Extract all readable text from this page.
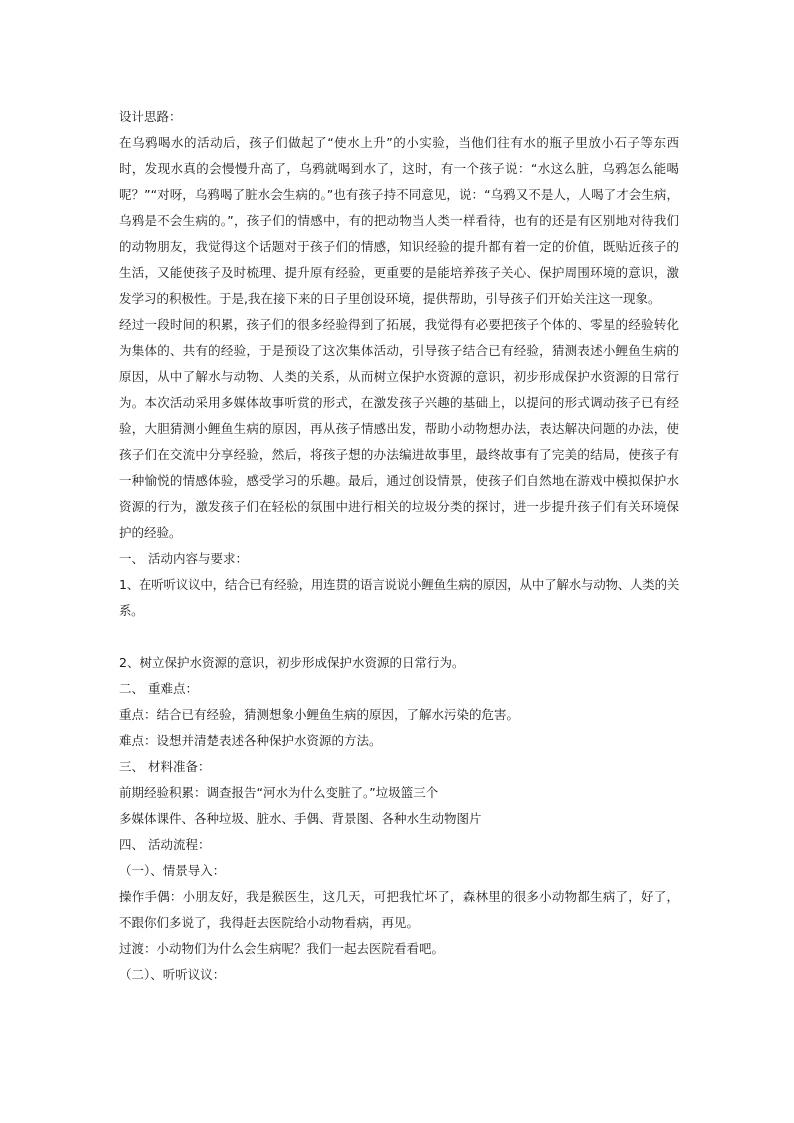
设计思路：

在乌鸦喝水的活动后，孩子们做起了“使水上升”的小实验，当他们往有水的瓶子里放小石子等东西时，发现水真的会慢慢升高了，乌鸦就喝到水了，这时，有一个孩子说：“水这么脏，乌鸦怎么能喝呢？”“对呀，乌鸦喝了脏水会生病的。”也有孩子持不同意见，说：“乌鸦又不是人，人喝了才会生病，乌鸦是不会生病的。”，孩子们的情感中，有的把动物当人类一样看待，也有的还是有区别地对待我们的动物朋友，我觉得这个话题对于孩子们的情感，知识经验的提升都有着一定的价值，既贴近孩子的生活，又能使孩子及时梳理、提升原有经验，更重要的是能培养孩子关心、保护周围环境的意识，激发学习的积极性。于是,我在接下来的日子里创设环境，提供帮助，引导孩子们开始关注这一现象。

经过一段时间的积累，孩子们的很多经验得到了拓展，我觉得有必要把孩子个体的、零星的经验转化为集体的、共有的经验，于是预设了这次集体活动，引导孩子结合已有经验，猜测表述小鲤鱼生病的原因，从中了解水与动物、人类的关系，从而树立保护水资源的意识，初步形成保护水资源的日常行为。本次活动采用多媒体故事听赏的形式，在激发孩子兴趣的基础上，以提问的形式调动孩子已有经验，大胆猜测小鲤鱼生病的原因，再从孩子情感出发，帮助小动物想办法，表达解决问题的办法，使孩子们在交流中分享经验，然后，将孩子想的办法编进故事里，最终故事有了完美的结局，使孩子有一种愉悦的情感体验，感受学习的乐趣。最后，通过创设情景，使孩子们自然地在游戏中模拟保护水资源的行为，激发孩子们在轻松的氛围中进行相关的垃圾分类的探讨，进一步提升孩子们有关环境保护的经验。

一、 活动内容与要求：

1、在听听议议中，结合已有经验，用连贯的语言说说小鲤鱼生病的原因，从中了解水与动物、人类的关系。

2、树立保护水资源的意识，初步形成保护水资源的日常行为。

二、 重难点：

重点：结合已有经验，猜测想象小鲤鱼生病的原因，了解水污染的危害。

难点：设想并清楚表述各种保护水资源的方法。

三、 材料准备：

前期经验积累：调查报告“河水为什么变脏了。”垃圾篮三个

多媒体课件、各种垃圾、脏水、手偶、背景图、各种水生动物图片

四、 活动流程：

（一）、情景导入：

操作手偶：小朋友好，我是猴医生，这几天，可把我忙坏了，森林里的很多小动物都生病了，好了，不跟你们多说了，我得赶去医院给小动物看病，再见。

过渡：小动物们为什么会生病呢？我们一起去医院看看吧。

（二）、听听议议：
